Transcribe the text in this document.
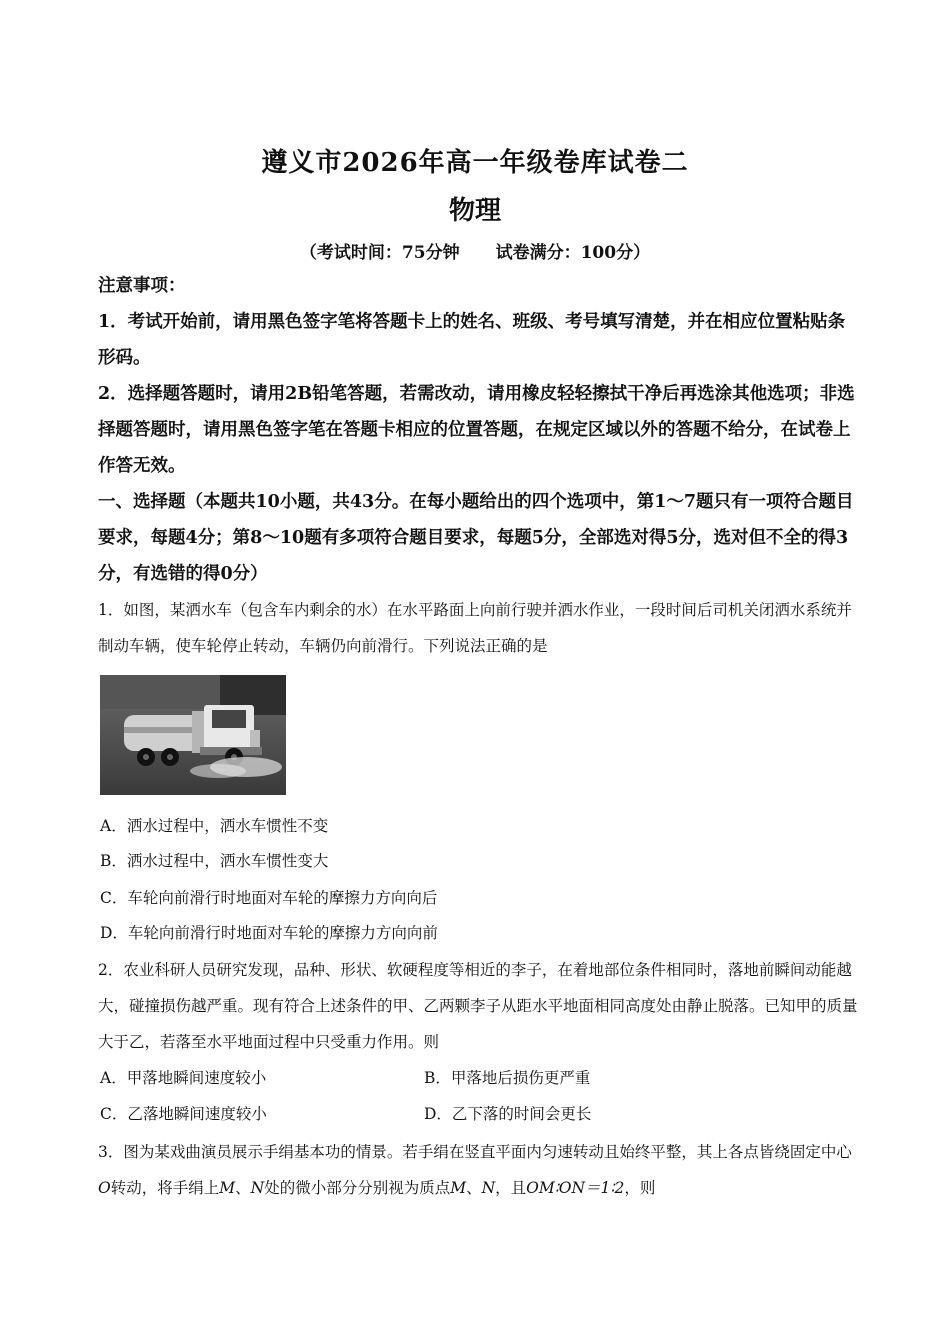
遵义市2026年高一年级卷库试卷二
物理
（考试时间：75分钟 试卷满分：100分）
注意事项：
1．考试开始前，请用黑色签字笔将答题卡上的姓名、班级、考号填写清楚，并在相应位置粘贴条形码。
2．选择题答题时，请用2B铅笔答题，若需改动，请用橡皮轻轻擦拭干净后再选涂其他选项；非选择题答题时，请用黑色签字笔在答题卡相应的位置答题，在规定区域以外的答题不给分，在试卷上作答无效。
一、选择题（本题共10小题，共43分。在每小题给出的四个选项中，第1～7题只有一项符合题目要求，每题4分；第8～10题有多项符合题目要求，每题5分，全部选对得5分，选对但不全的得3分，有选错的得0分）
1．如图，某洒水车（包含车内剩余的水）在水平路面上向前行驶并洒水作业，一段时间后司机关闭洒水系统并制动车辆，使车轮停止转动，车辆仍向前滑行。下列说法正确的是
A．洒水过程中，洒水车惯性不变
B．洒水过程中，洒水车惯性变大
C．车轮向前滑行时地面对车轮的摩擦力方向向后
D．车轮向前滑行时地面对车轮的摩擦力方向向前
2．农业科研人员研究发现，品种、形状、软硬程度等相近的李子，在着地部位条件相同时，落地前瞬间动能越大，碰撞损伤越严重。现有符合上述条件的甲、乙两颗李子从距水平地面相同高度处由静止脱落。已知甲的质量大于乙，若落至水平地面过程中只受重力作用。则
A．甲落地瞬间速度较小	B．甲落地后损伤更严重
C．乙落地瞬间速度较小	D．乙下落的时间会更长
3．图为某戏曲演员展示手绢基本功的情景。若手绢在竖直平面内匀速转动且始终平整，其上各点皆绕固定中心O转动，将手绢上M、N处的微小部分分别视为质点M、N，且OM∶ON＝1∶2，则
